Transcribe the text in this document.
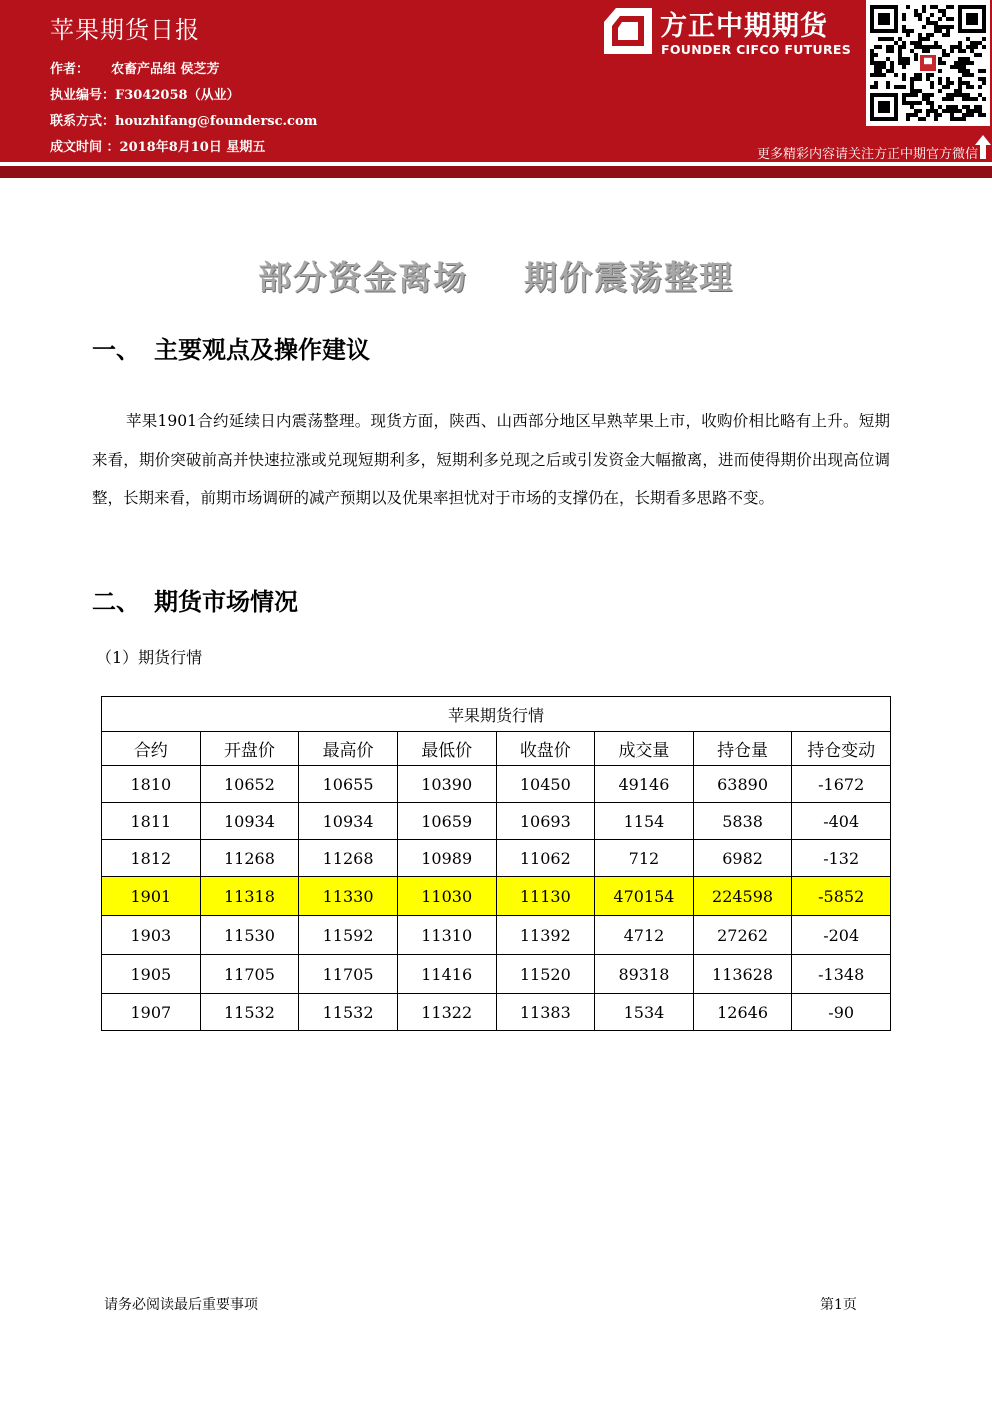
苹果期货日报
作者： 农畜产品组 侯芝芳
执业编号：F3042058（从业）
联系方式：houzhifang@foundersc.com
成文时间 ：2018年8月10日 星期五
方正中期期货
FOUNDER CIFCO FUTURES
更多精彩内容请关注方正中期官方微信
部分资金离场 期价震荡整理
一、 主要观点及操作建议
苹果1901合约延续日内震荡整理。现货方面，陕西、山西部分地区早熟苹果上市，收购价相比略有上升。短期来看，期价突破前高并快速拉涨或兑现短期利多，短期利多兑现之后或引发资金大幅撤离，进而使得期价出现高位调整，长期来看，前期市场调研的减产预期以及优果率担忧对于市场的支撑仍在，长期看多思路不变。
二、 期货市场情况
（1）期货行情
苹果期货行情							
合约	开盘价	最高价	最低价	收盘价	成交量	持仓量	持仓变动
1810	10652	10655	10390	10450	49146	63890	-1672
1811	10934	10934	10659	10693	1154	5838	-404
1812	11268	11268	10989	11062	712	6982	-132
1901	11318	11330	11030	11130	470154	224598	-5852
1903	11530	11592	11310	11392	4712	27262	-204
1905	11705	11705	11416	11520	89318	113628	-1348
1907	11532	11532	11322	11383	1534	12646	-90
请务必阅读最后重要事项	第1页
